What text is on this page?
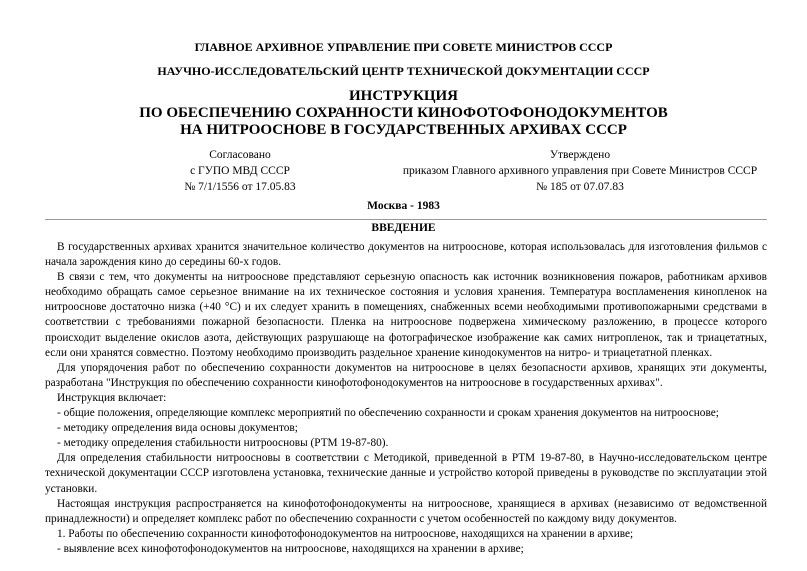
ГЛАВНОЕ АРХИВНОЕ УПРАВЛЕНИЕ ПРИ СОВЕТЕ МИНИСТРОВ СССР
НАУЧНО-ИССЛЕДОВАТЕЛЬСКИЙ ЦЕНТР ТЕХНИЧЕСКОЙ ДОКУМЕНТАЦИИ СССР
ИНСТРУКЦИЯ
ПО ОБЕСПЕЧЕНИЮ СОХРАННОСТИ КИНОФОТОФОНОДОКУМЕНТОВ
НА НИТРООСНОВЕ В ГОСУДАРСТВЕННЫХ АРХИВАХ СССР
Согласовано
с ГУПО МВД СССР
№ 7/1/1556 от 17.05.83
Утверждено
приказом Главного архивного управления при Совете Министров СССР
№ 185 от 07.07.83
Москва - 1983
ВВЕДЕНИЕ

В государственных архивах хранится значительное количество документов на нитрооснове, которая использовалась для изготовления фильмов с начала зарождения кино до середины 60-х годов.

В связи с тем, что документы на нитрооснове представляют серьезную опасность как источник возникновения пожаров, работникам архивов необходимо обращать самое серьезное внимание на их техническое состояния и условия хранения. Температура воспламенения кинопленок на нитрооснове достаточно низка (+40 °С) и их следует хранить в помещениях, снабженных всеми необходимыми противопожарными средствами в соответствии с требованиями пожарной безопасности. Пленка на нитрооснове подвержена химическому разложению, в процессе которого происходит выделение окислов азота, действующих разрушающе на фотографическое изображение как самих нитропленок, так и триацетатных, если они хранятся совместно. Поэтому необходимо производить раздельное хранение кинодокументов на нитро- и триацетатной пленках.

Для упорядочения работ по обеспечению сохранности документов на нитрооснове в целях безопасности архивов, хранящих эти документы, разработана "Инструкция по обеспечению сохранности кинофотофонодокументов на нитрооснове в государственных архивах".

Инструкция включает:

- общие положения, определяющие комплекс мероприятий по обеспечению сохранности и срокам хранения документов на нитрооснове;

- методику определения вида основы документов;

- методику определения стабильности нитроосновы (РТМ 19-87-80).

Для определения стабильности нитроосновы в соответствии с Методикой, приведенной в РТМ 19-87-80, в Научно-исследовательском центре технической документации СССР изготовлена установка, технические данные и устройство которой приведены в руководстве по эксплуатации этой установки.

Настоящая инструкция распространяется на кинофотофонодокументы на нитрооснове, хранящиеся в архивах (независимо от ведомственной принадлежности) и определяет комплекс работ по обеспечению сохранности с учетом особенностей по каждому виду документов.

1. Работы по обеспечению сохранности кинофотофонодокументов на нитрооснове, находящихся на хранении в архиве;

- выявление всех кинофотофонодокументов на нитрооснове, находящихся на хранении в архиве;
